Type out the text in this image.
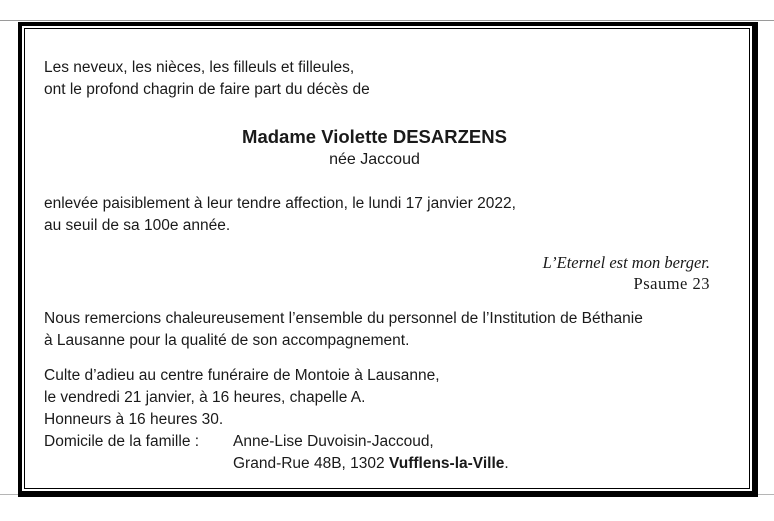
Les neveux, les nièces, les filleuls et filleules,
ont le profond chagrin de faire part du décès de
Madame Violette DESARZENS
née Jaccoud
enlevée paisiblement à leur tendre affection, le lundi 17 janvier 2022,
au seuil de sa 100e année.
L’Eternel est mon berger.
Psaume 23
Nous remercions chaleureusement l’ensemble du personnel de l’Institution de Béthanie
à Lausanne pour la qualité de son accompagnement.
Culte d’adieu au centre funéraire de Montoie à Lausanne,
le vendredi 21 janvier, à 16 heures, chapelle A.
Honneurs à 16 heures 30.
Domicile de la famille : Anne-Lise Duvoisin-Jaccoud,
Grand-Rue 48B, 1302 Vufflens-la-Ville.
